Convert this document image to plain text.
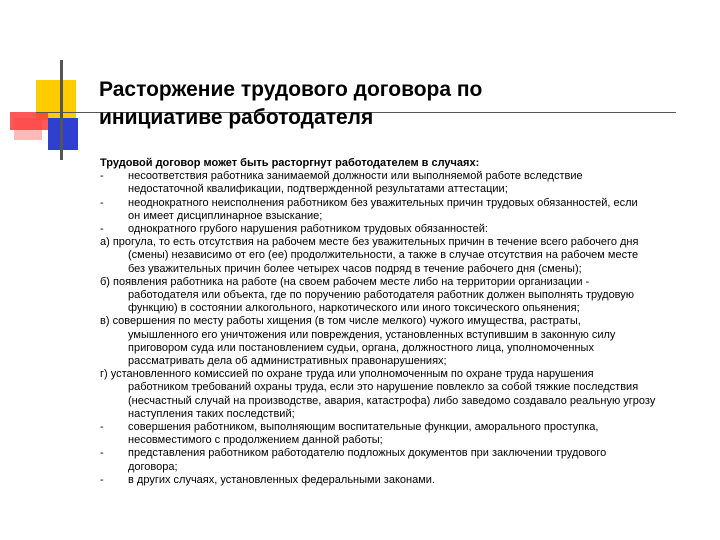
Расторжение трудового договора по
инициативе работодателя
Трудовой договор может быть расторгнут работодателем в случаях:
- несоответствия работника занимаемой должности или выполняемой работе вследствие
недостаточной квалификации, подтвержденной результатами аттестации;
- неоднократного неисполнения работником без уважительных причин трудовых обязанностей, если
он имеет дисциплинарное взыскание;
- однократного грубого нарушения работником трудовых обязанностей:
а) прогула, то есть отсутствия на рабочем месте без уважительных причин в течение всего рабочего дня
(смены) независимо от его (ее) продолжительности, а также в случае отсутствия на рабочем месте
без уважительных причин более четырех часов подряд в течение рабочего дня (смены);
б) появления работника на работе (на своем рабочем месте либо на территории организации -
работодателя или объекта, где по поручению работодателя работник должен выполнять трудовую
функцию) в состоянии алкогольного, наркотического или иного токсического опьянения;
в) совершения по месту работы хищения (в том числе мелкого) чужого имущества, растраты,
умышленного его уничтожения или повреждения, установленных вступившим в законную силу
приговором суда или постановлением судьи, органа, должностного лица, уполномоченных
рассматривать дела об административных правонарушениях;
г) установленного комиссией по охране труда или уполномоченным по охране труда нарушения
работником требований охраны труда, если это нарушение повлекло за собой тяжкие последствия
(несчастный случай на производстве, авария, катастрофа) либо заведомо создавало реальную угрозу
наступления таких последствий;
- совершения работником, выполняющим воспитательные функции, аморального проступка,
несовместимого с продолжением данной работы;
- представления работником работодателю подложных документов при заключении трудового
договора;
- в других случаях, установленных федеральными законами.
